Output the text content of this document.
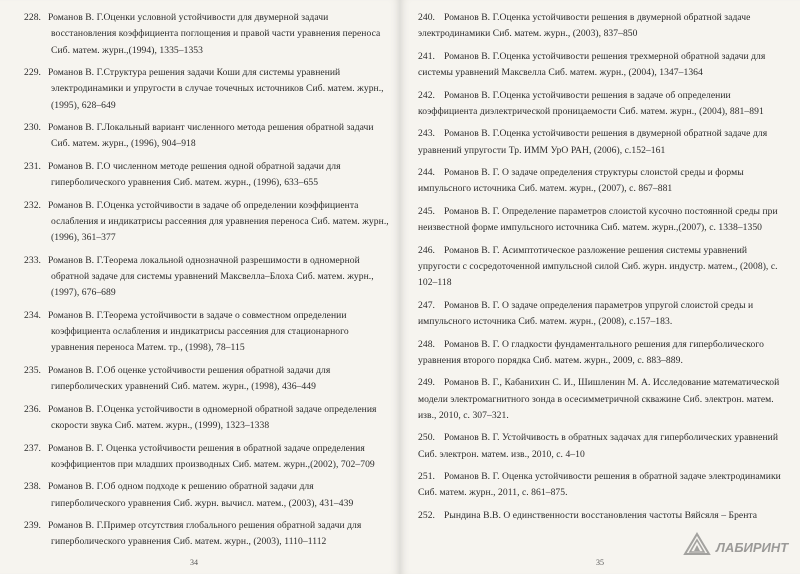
228. Романов В. Г.Оценки условной устойчивости для двумерной задачи восстановления коэффициента поглощения и правой части уравнения переноса Сиб. матем. журн.,(1994), 1335–1353

229. Романов В. Г.Структура решения задачи Коши для системы уравнений электродинамики и упругости в случае точечных источников Сиб. матем. журн., (1995), 628–649

230. Романов В. Г.Локальный вариант численного метода решения обратной задачи Сиб. матем. журн., (1996), 904–918

231. Романов В. Г.О численном методе решения одной обратной задачи для гиперболического уравнения Сиб. матем. журн., (1996), 633–655

232. Романов В. Г.Оценка устойчивости в задаче об определении коэффициента ослабления и индикатрисы рассеяния для уравнения переноса Сиб. матем. журн., (1996), 361–377

233. Романов В. Г.Теорема локальной однозначной разрешимости в одномерной обратной задаче для системы уравнений Максвелла–Блоха Сиб. матем. журн., (1997), 676–689

234. Романов В. Г.Теорема устойчивости в задаче о совместном определении коэффициента ослабления и индикатрисы рассеяния для стационарного уравнения переноса Матем. тр., (1998), 78–115

235. Романов В. Г.Об оценке устойчивости решения обратной задачи для гиперболических уравнений Сиб. матем. журн., (1998), 436–449

236. Романов В. Г.Оценка устойчивости в одномерной обратной задаче определения скорости звука Сиб. матем. журн., (1999), 1323–1338

237. Романов В. Г. Оценка устойчивости решения в обратной задаче определения коэффициентов при младших производных Сиб. матем. журн.,(2002), 702–709

238. Романов В. Г.Об одном подходе к решению обратной задачи для гиперболического уравнения Сиб. журн. вычисл. матем., (2003), 431–439

239. Романов В. Г.Пример отсутствия глобального решения обратной задачи для гиперболического уравнения Сиб. матем. журн., (2003), 1110–1112

34

240. Романов В. Г.Оценка устойчивости решения в двумерной обратной задаче электродинамики Сиб. матем. журн., (2003), 837–850

241. Романов В. Г.Оценка устойчивости решения трехмерной обратной задачи для системы уравнений Максвелла Сиб. матем. журн., (2004), 1347–1364

242. Романов В. Г.Оценка устойчивости решения в задаче об определении коэффициента диэлектрической проницаемости Сиб. матем. журн., (2004), 881–891

243. Романов В. Г.Оценка устойчивости решения в двумерной обратной задаче для уравнений упругости Тр. ИММ УрО РАН, (2006), с.152–161

244. Романов В. Г. О задаче определения структуры слоистой среды и формы импульсного источника Сиб. матем. журн., (2007), с. 867–881

245. Романов В. Г. Определение параметров слоистой кусочно постоянной среды при неизвестной форме импульсного источника Сиб. матем. журн.,(2007), с. 1338–1350

246. Романов В. Г. Асимптотическое разложение решения системы уравнений упругости с сосредоточенной импульсной силой Сиб. журн. индустр. матем., (2008), с. 102–118

247. Романов В. Г. О задаче определения параметров упругой слоистой среды и импульсного источника Сиб. матем. журн., (2008), с.157–183.

248. Романов В. Г. О гладкости фундаментального решения для гиперболического уравнения второго порядка Сиб. матем. журн., 2009, с. 883–889.

249. Романов В. Г., Кабанихин С. И., Шишленин М. А. Исследование математической модели электромагнитного зонда в осесимметричной скважине Сиб. электрон. матем. изв., 2010, с. 307–321.

250. Романов В. Г. Устойчивость в обратных задачах для гиперболических уравнений Сиб. электрон. матем. изв., 2010, с. 4–10

251. Романов В. Г. Оценка устойчивости решения в обратной задаче электродинамики Сиб. матем. журн., 2011, с. 861–875.

252. Рындина В.В. О единственности восстановления частоты Вяйсяля – Брента

35
ЛАБИРИНТ
